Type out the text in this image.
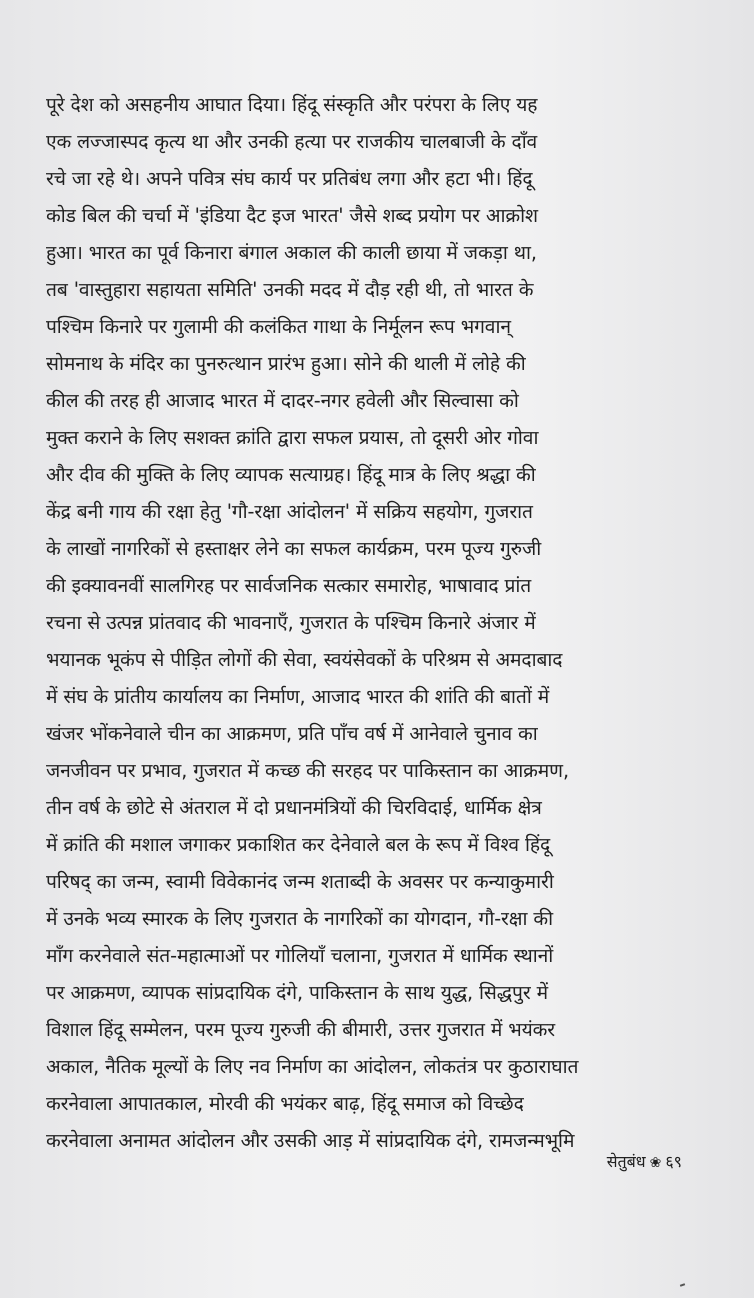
पूरे देश को असहनीय आघात दिया। हिंदू संस्कृति और परंपरा के लिए यह
एक लज्जास्पद कृत्य था और उनकी हत्या पर राजकीय चालबाजी के दाँव
रचे जा रहे थे। अपने पवित्र संघ कार्य पर प्रतिबंध लगा और हटा भी। हिंदू
कोड बिल की चर्चा में 'इंडिया दैट इज भारत' जैसे शब्द प्रयोग पर आक्रोश
हुआ। भारत का पूर्व किनारा बंगाल अकाल की काली छाया में जकड़ा था,
तब 'वास्तुहारा सहायता समिति' उनकी मदद में दौड़ रही थी, तो भारत के
पश्चिम किनारे पर गुलामी की कलंकित गाथा के निर्मूलन रूप भगवान्
सोमनाथ के मंदिर का पुनरुत्थान प्रारंभ हुआ। सोने की थाली में लोहे की
कील की तरह ही आजाद भारत में दादर-नगर हवेली और सिल्वासा को
मुक्त कराने के लिए सशक्त क्रांति द्वारा सफल प्रयास, तो दूसरी ओर गोवा
और दीव की मुक्ति के लिए व्यापक सत्याग्रह। हिंदू मात्र के लिए श्रद्धा की
केंद्र बनी गाय की रक्षा हेतु 'गौ-रक्षा आंदोलन' में सक्रिय सहयोग, गुजरात
के लाखों नागरिकों से हस्ताक्षर लेने का सफल कार्यक्रम, परम पूज्य गुरुजी
की इक्यावनवीं सालगिरह पर सार्वजनिक सत्कार समारोह, भाषावाद प्रांत
रचना से उत्पन्न प्रांतवाद की भावनाएँ, गुजरात के पश्चिम किनारे अंजार में
भयानक भूकंप से पीड़ित लोगों की सेवा, स्वयंसेवकों के परिश्रम से अमदाबाद
में संघ के प्रांतीय कार्यालय का निर्माण, आजाद भारत की शांति की बातों में
खंजर भोंकनेवाले चीन का आक्रमण, प्रति पाँच वर्ष में आनेवाले चुनाव का
जनजीवन पर प्रभाव, गुजरात में कच्छ की सरहद पर पाकिस्तान का आक्रमण,
तीन वर्ष के छोटे से अंतराल में दो प्रधानमंत्रियों की चिरविदाई, धार्मिक क्षेत्र
में क्रांति की मशाल जगाकर प्रकाशित कर देनेवाले बल के रूप में विश्व हिंदू
परिषद् का जन्म, स्वामी विवेकानंद जन्म शताब्दी के अवसर पर कन्याकुमारी
में उनके भव्य स्मारक के लिए गुजरात के नागरिकों का योगदान, गौ-रक्षा की
माँग करनेवाले संत-महात्माओं पर गोलियाँ चलाना, गुजरात में धार्मिक स्थानों
पर आक्रमण, व्यापक सांप्रदायिक दंगे, पाकिस्तान के साथ युद्ध, सिद्धपुर में
विशाल हिंदू सम्मेलन, परम पूज्य गुरुजी की बीमारी, उत्तर गुजरात में भयंकर
अकाल, नैतिक मूल्यों के लिए नव निर्माण का आंदोलन, लोकतंत्र पर कुठाराघात
करनेवाला आपातकाल, मोरवी की भयंकर बाढ़, हिंदू समाज को विच्छेद
करनेवाला अनामत आंदोलन और उसकी आड़ में सांप्रदायिक दंगे, रामजन्मभूमि
सेतुबंध ❀ ६९
